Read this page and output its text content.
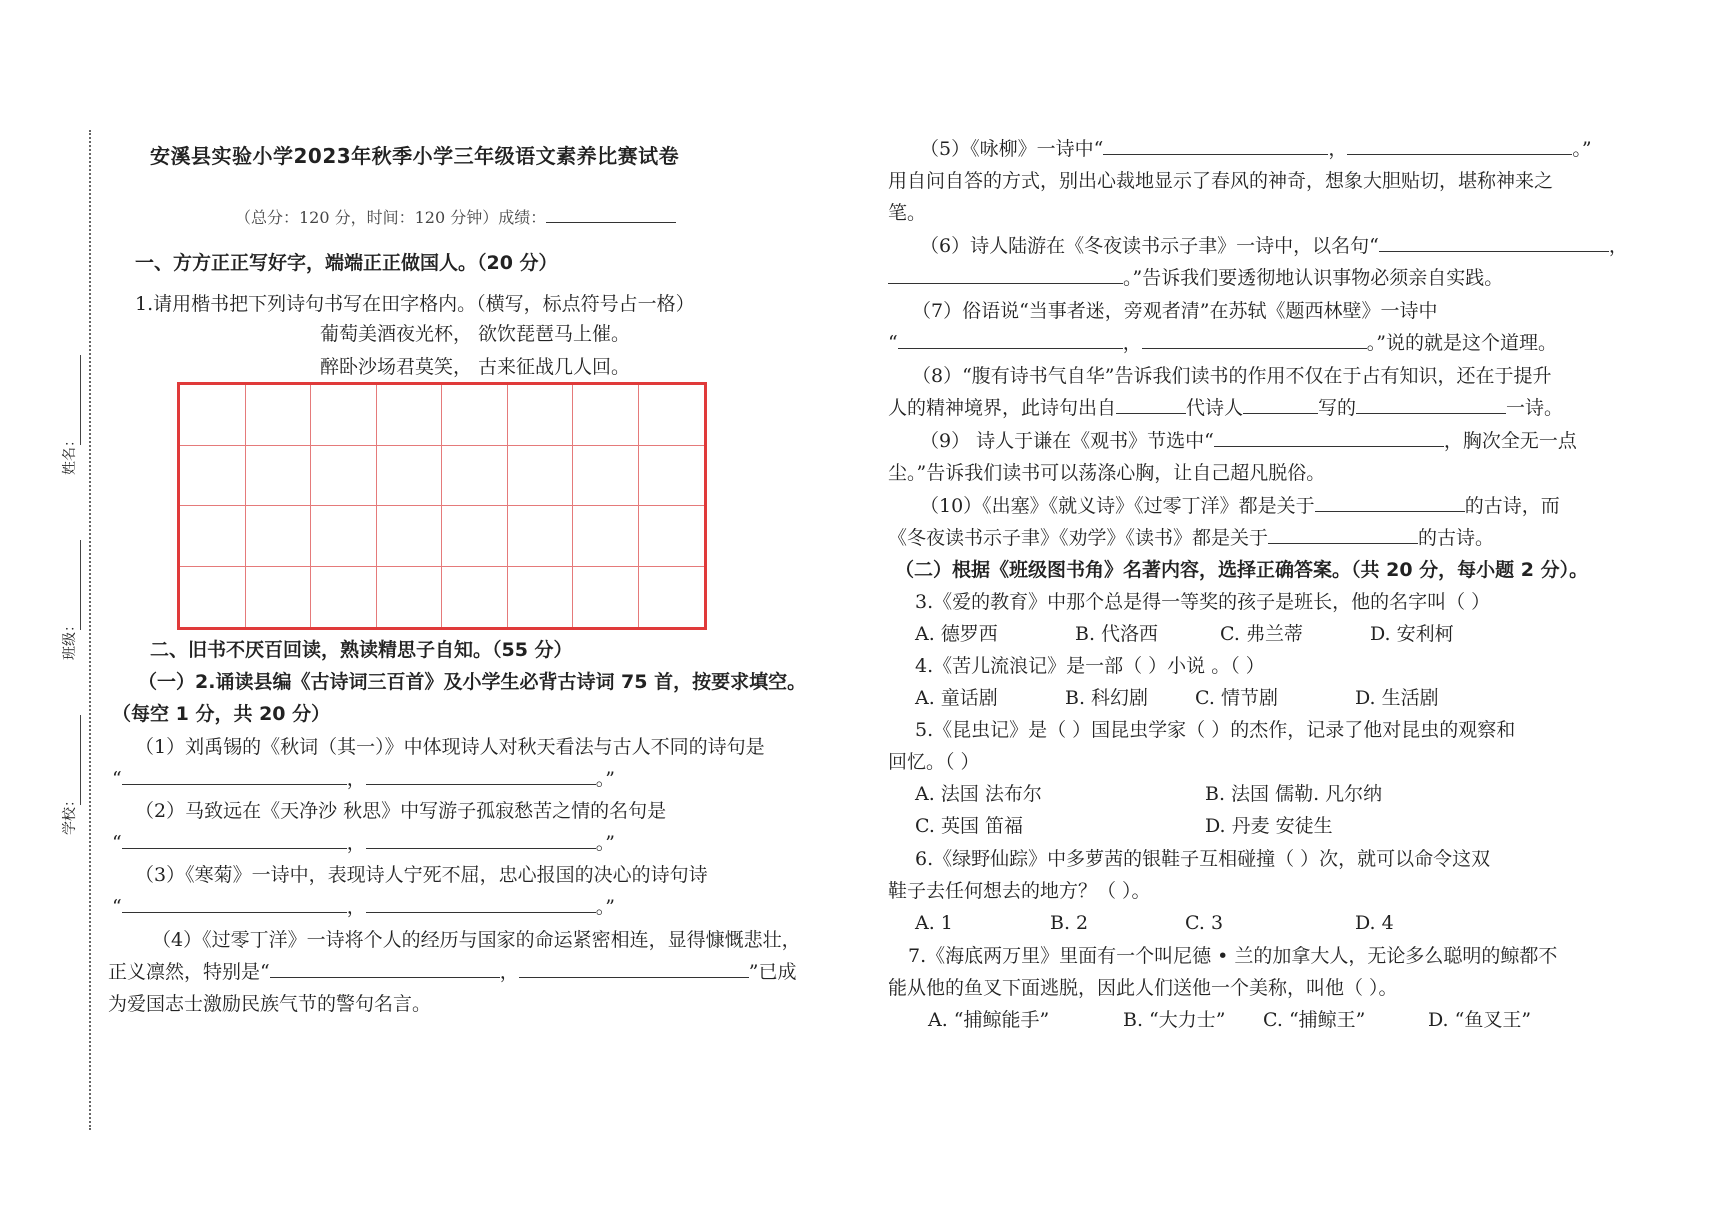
姓名：
班级：
学校：
安溪县实验小学2023年秋季小学三年级语文素养比赛试卷
（总分：120 分，时间：120 分钟）成绩：
一、方方正正写好字，端端正正做国人。（20 分）
1.请用楷书把下列诗句书写在田字格内。（横写，标点符号占一格）
葡萄美酒夜光杯， 欲饮琵琶马上催。
醉卧沙场君莫笑， 古来征战几人回。
二、旧书不厌百回读，熟读精思子自知。（55 分）
（一）2.诵读县编《古诗词三百首》及小学生必背古诗词 75 首，按要求填空。
（每空 1 分，共 20 分）
（1）刘禹锡的《秋词（其一）》中体现诗人对秋天看法与古人不同的诗句是
“	，	。”
（2）马致远在《天净沙 秋思》中写游子孤寂愁苦之情的名句是
“	，	。”
（3）《寒菊》一诗中，表现诗人宁死不屈，忠心报国的决心的诗句诗
“	，	。”
（4）《过零丁洋》一诗将个人的经历与国家的命运紧密相连，显得慷慨悲壮，
正义凛然，特别是“	，	”已成
为爱国志士激励民族气节的警句名言。
（5）《咏柳》一诗中“	，	。”
用自问自答的方式，别出心裁地显示了春风的神奇，想象大胆贴切，堪称神来之
笔。
（6）诗人陆游在《冬夜读书示子聿》一诗中，以名句“	，
。”告诉我们要透彻地认识事物必须亲自实践。
（7）俗语说“当事者迷，旁观者清”在苏轼《题西林壁》一诗中
“	，	。”说的就是这个道理。
（8）“腹有诗书气自华”告诉我们读书的作用不仅在于占有知识，还在于提升
人的精神境界，此诗句出自	代诗人	写的	一诗。
（9） 诗人于谦在《观书》节选中“	，胸次全无一点
尘。”告诉我们读书可以荡涤心胸，让自己超凡脱俗。
（10）《出塞》《就义诗》《过零丁洋》都是关于	的古诗，而
《冬夜读书示子聿》《劝学》《读书》都是关于	的古诗。
（二）根据《班级图书角》名著内容，选择正确答案。（共 20 分，每小题 2 分）。
3.《爱的教育》中那个总是得一等奖的孩子是班长，他的名字叫（ ）
A. 德罗西	B. 代洛西	C. 弗兰蒂	D. 安利柯
4.《苦儿流浪记》是一部（ ）小说 。（ ）
A. 童话剧	B. 科幻剧 C. 情节剧	D. 生活剧
5.《昆虫记》是（ ）国昆虫学家（ ）的杰作，记录了他对昆虫的观察和
回忆。（ ）
A. 法国 法布尔	B. 法国 儒勒. 凡尔纳
C. 英国 笛福	D. 丹麦 安徒生
6.《绿野仙踪》中多萝茜的银鞋子互相碰撞（ ）次，就可以命令这双
鞋子去任何想去的地方？（ ）。
A. 1	B. 2	C. 3	D. 4
7.《海底两万里》里面有一个叫尼德 • 兰的加拿大人，无论多么聪明的鲸都不
能从他的鱼叉下面逃脱，因此人们送他一个美称，叫他（ ）。
A. “捕鲸能手”	B. “大力士” C. “捕鲸王”	D. “鱼叉王”
